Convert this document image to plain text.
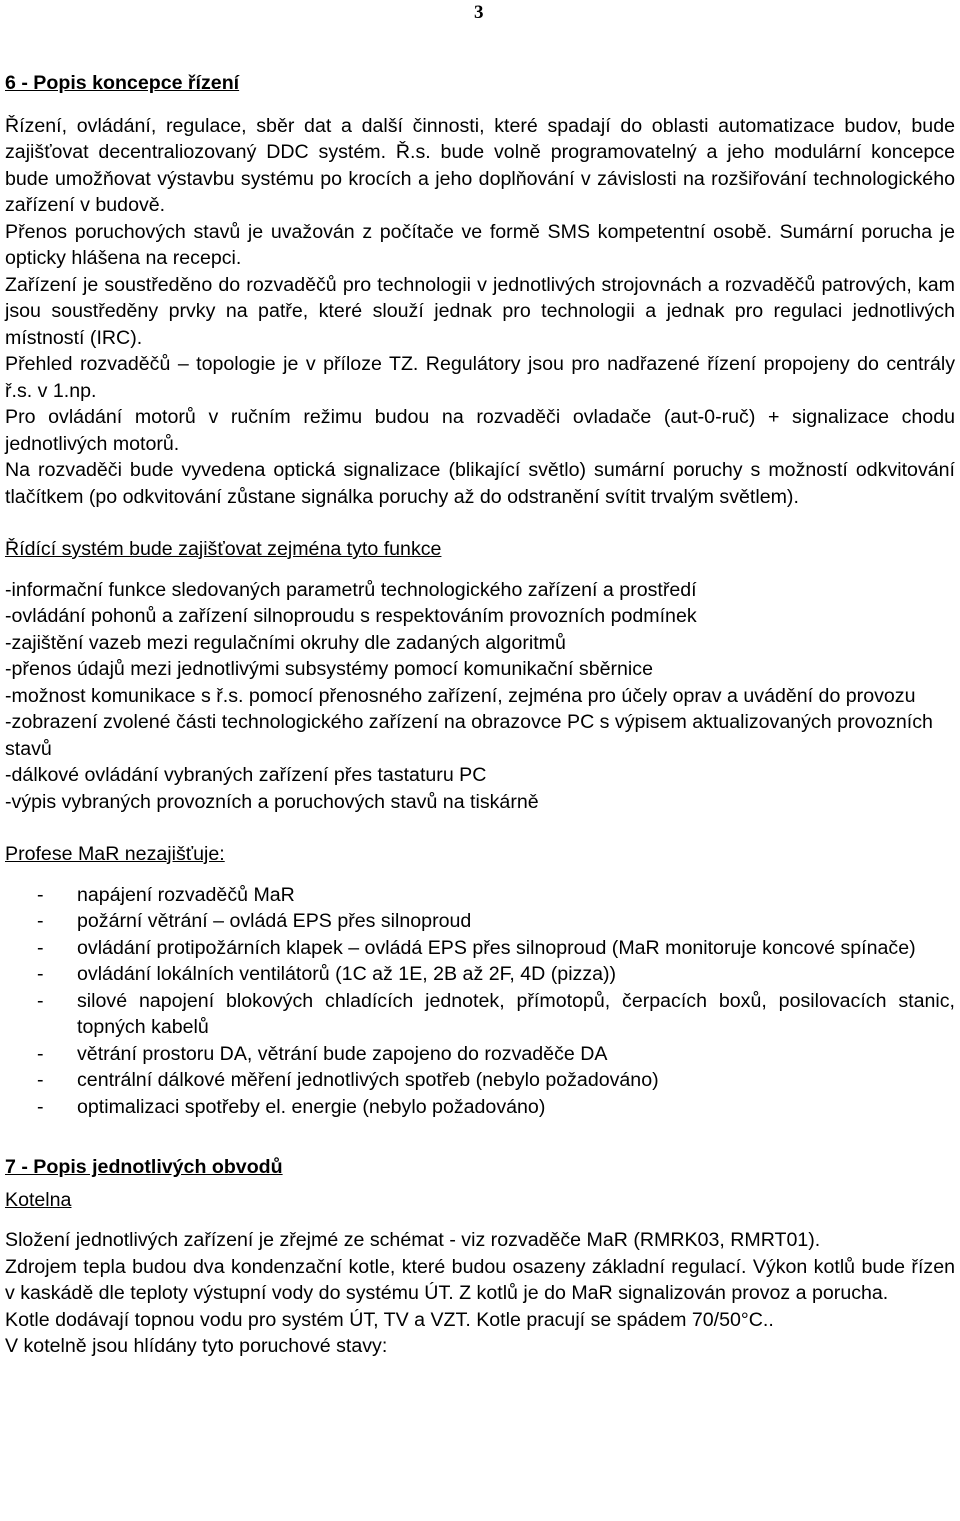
3

6 - Popis koncepce řízení

Řízení, ovládání, regulace, sběr dat a další činnosti, které spadají do oblasti automatizace budov, bude zajišťovat decentraliozovaný DDC systém. Ř.s. bude volně programovatelný a jeho modulární koncepce bude umožňovat výstavbu systému po krocích a jeho doplňování v závislosti na rozšiřování technologického zařízení v budově.

Přenos poruchových stavů je uvažován z počítače ve formě SMS kompetentní osobě. Sumární porucha je opticky hlášena na recepci.

Zařízení je soustředěno do rozvaděčů pro technologii v jednotlivých strojovnách a rozvaděčů patrových, kam jsou soustředěny prvky na patře, které slouží jednak pro technologii a jednak pro regulaci jednotlivých místností (IRC).

Přehled rozvaděčů – topologie je v příloze TZ. Regulátory jsou pro nadřazené řízení propojeny do centrály ř.s. v 1.np.

Pro ovládání motorů v ručním režimu budou na rozvaděči ovladače (aut-0-ruč) + signalizace chodu jednotlivých motorů.

Na rozvaděči bude vyvedena optická signalizace (blikající světlo) sumární poruchy s možností odkvitování tlačítkem (po odkvitování zůstane signálka poruchy až do odstranění svítit trvalým světlem).

Řídící systém bude zajišťovat zejména tyto funkce

-informační funkce sledovaných parametrů technologického zařízení a prostředí

-ovládání pohonů a zařízení silnoproudu s respektováním provozních podmínek

-zajištění vazeb mezi regulačními okruhy dle zadaných algoritmů

-přenos údajů mezi jednotlivými subsystémy pomocí komunikační sběrnice

-možnost komunikace s ř.s. pomocí přenosného zařízení, zejména pro účely oprav a uvádění do provozu

-zobrazení zvolené části technologického zařízení na obrazovce PC s výpisem aktualizovaných provozních stavů

-dálkové ovládání vybraných zařízení přes tastaturu PC

-výpis vybraných provozních a poruchových stavů na tiskárně

Profese MaR nezajišťuje:

-	napájení rozvaděčů MaR
-	požární větrání – ovládá EPS přes silnoproud
-	ovládání protipožárních klapek – ovládá EPS přes silnoproud (MaR monitoruje koncové spínače)
-	ovládání lokálních ventilátorů (1C až 1E, 2B až 2F, 4D (pizza))
-	silové napojení blokových chladících jednotek, přímotopů, čerpacích boxů, posilovacích stanic, topných kabelů
-	větrání prostoru DA, větrání bude zapojeno do rozvaděče DA
-	centrální dálkové měření jednotlivých spotřeb (nebylo požadováno)
-	optimalizaci spotřeby el. energie (nebylo požadováno)

7 - Popis jednotlivých obvodů

Kotelna

Složení jednotlivých zařízení je zřejmé ze schémat - viz rozvaděče MaR (RMRK03, RMRT01).

Zdrojem tepla budou dva kondenzační kotle, které budou osazeny základní regulací. Výkon kotlů bude řízen v kaskádě dle teploty výstupní vody do systému ÚT. Z kotlů je do MaR signalizován provoz a porucha.

Kotle dodávají topnou vodu pro systém ÚT, TV a VZT. Kotle pracují se spádem 70/50°C..

V kotelně jsou hlídány tyto poruchové stavy:
